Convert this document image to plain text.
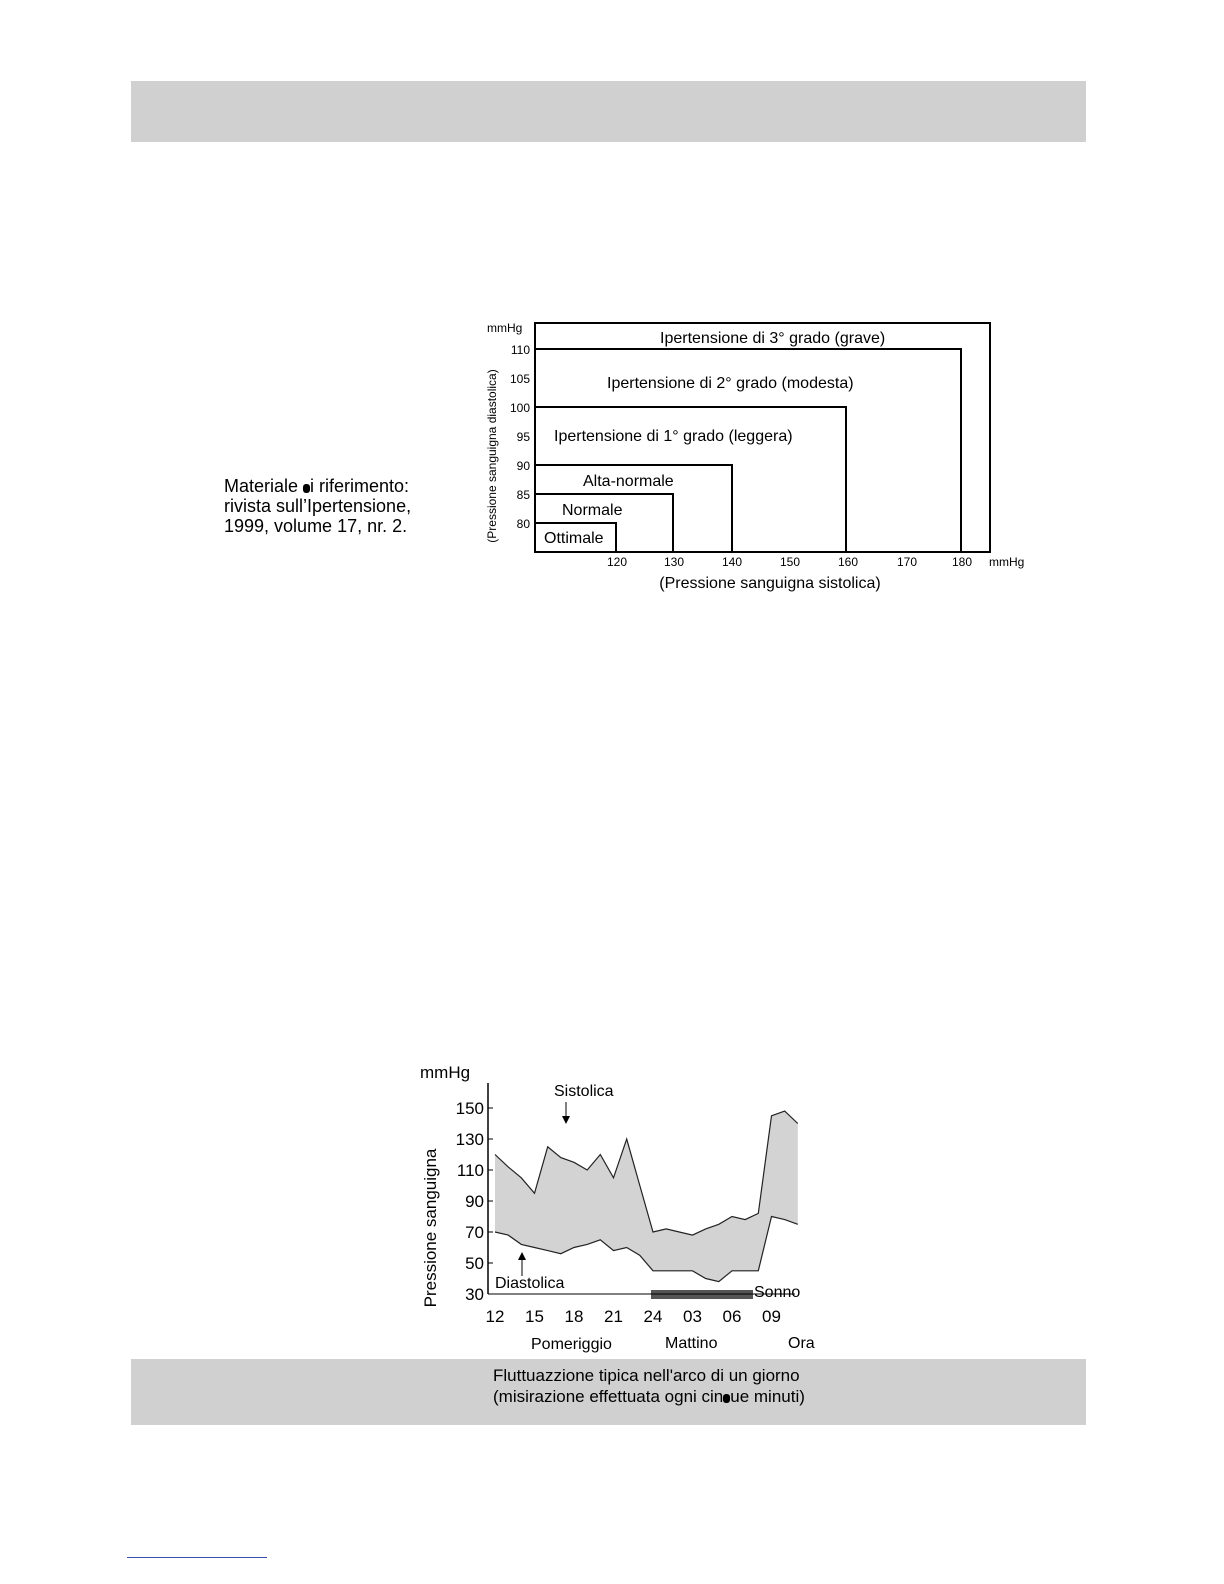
Materiale i riferimento:
rivista sull’Ipertensione,
1999, volume 17, nr. 2.
mmHg
(Pressione sanguigna diastolica)
110
105
100
95
90
85
80
Ipertensione di 3° grado (grave)
Ipertensione di 2° grado (modesta)
Ipertensione di 1° grado (leggera)
Alta-normale
Normale
Ottimale
120	130	140	150	160	170	180 mmHg
(Pressione sanguigna sistolica)
mmHg
Pressione sanguigna
150
130
110
90
70
50
30
Sistolica
Diastolica
Sonno
12 15 18 21 24 03 06 09
Pomeriggio	Mattino	Ora
Fluttuazzione tipica nell'arco di un giorno
(misirazione effettuata ogni cin ue minuti)
